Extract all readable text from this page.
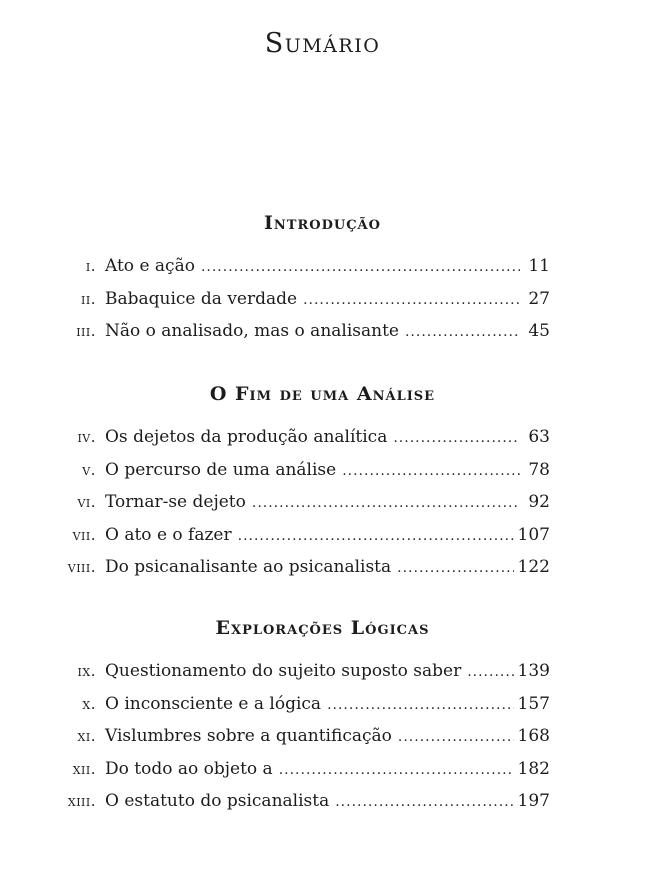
Sumário
Introdução
i. Ato e ação .....	11
ii. Babaquice da verdade .....	27
iii. Não o analisado, mas o analisante .....	45
O Fim de uma Análise
iv. Os dejetos da produção analítica .....	63
v. O percurso de uma análise .....	78
vi. Tornar-se dejeto .....	92
vii. O ato e o fazer .....	107
viii. Do psicanalisante ao psicanalista .....	122
Explorações Lógicas
ix. Questionamento do sujeito suposto saber .....	139
x. O inconsciente e a lógica .....	157
xi. Vislumbres sobre a quantificação .....	168
xii. Do todo ao objeto a .....	182
xiii. O estatuto do psicanalista .....	197
